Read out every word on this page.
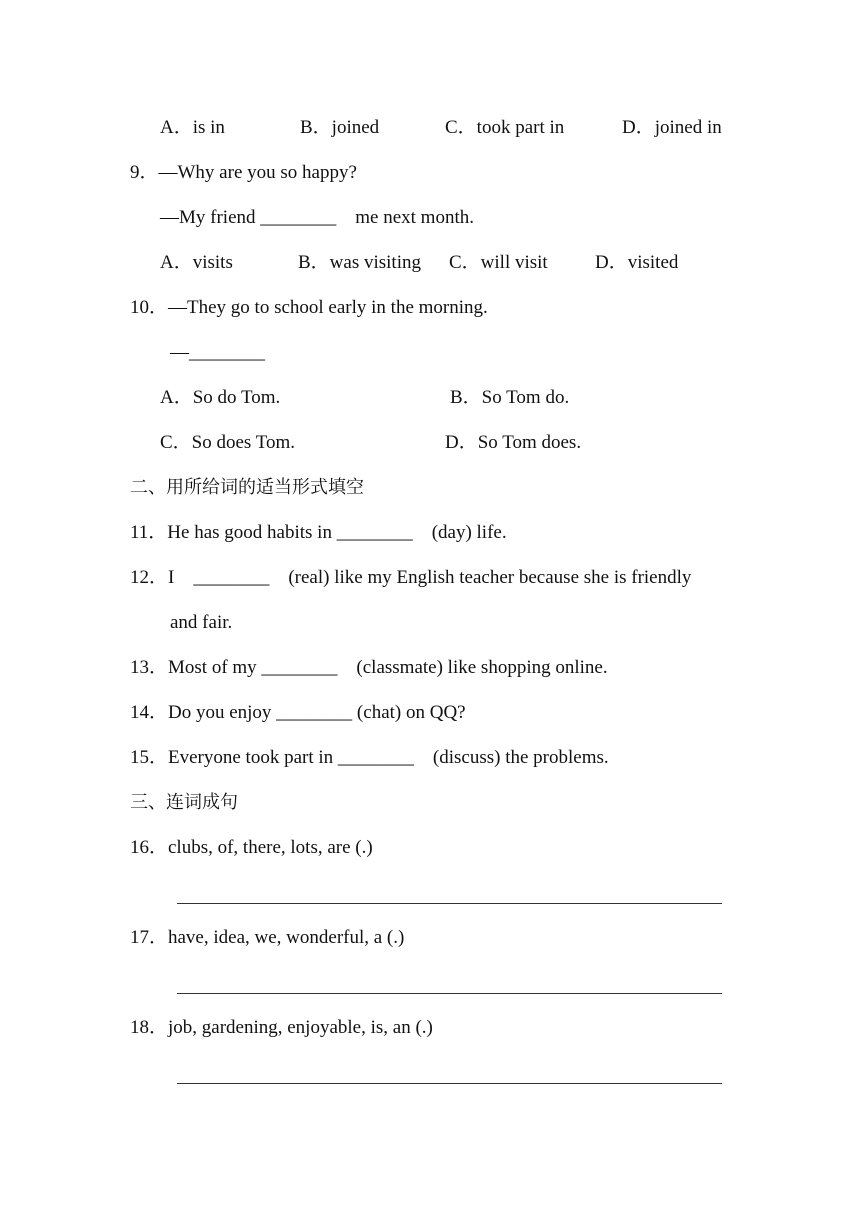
A．is in	B．joined	C．took part in	D．joined in
9．—Why are you so happy?
—My friend ________　me next month.
A．visits	B．was visiting C．will visit D．visited
10．—They go to school early in the morning.
—________
A．So do Tom.	B．So Tom do.
C．So does Tom.	D．So Tom does.
二、用所给词的适当形式填空
11．He has good habits in ________　(day) life.
12．I　________　(real) like my English teacher because she is friendly
and fair.
13．Most of my ________　(classmate) like shopping online.
14．Do you enjoy ________ (chat) on QQ?
15．Everyone took part in ________　(discuss) the problems.
三、连词成句
16．clubs, of, there, lots, are (.)
17．have, idea, we, wonderful, a (.)
18．job, gardening, enjoyable, is, an (.)
